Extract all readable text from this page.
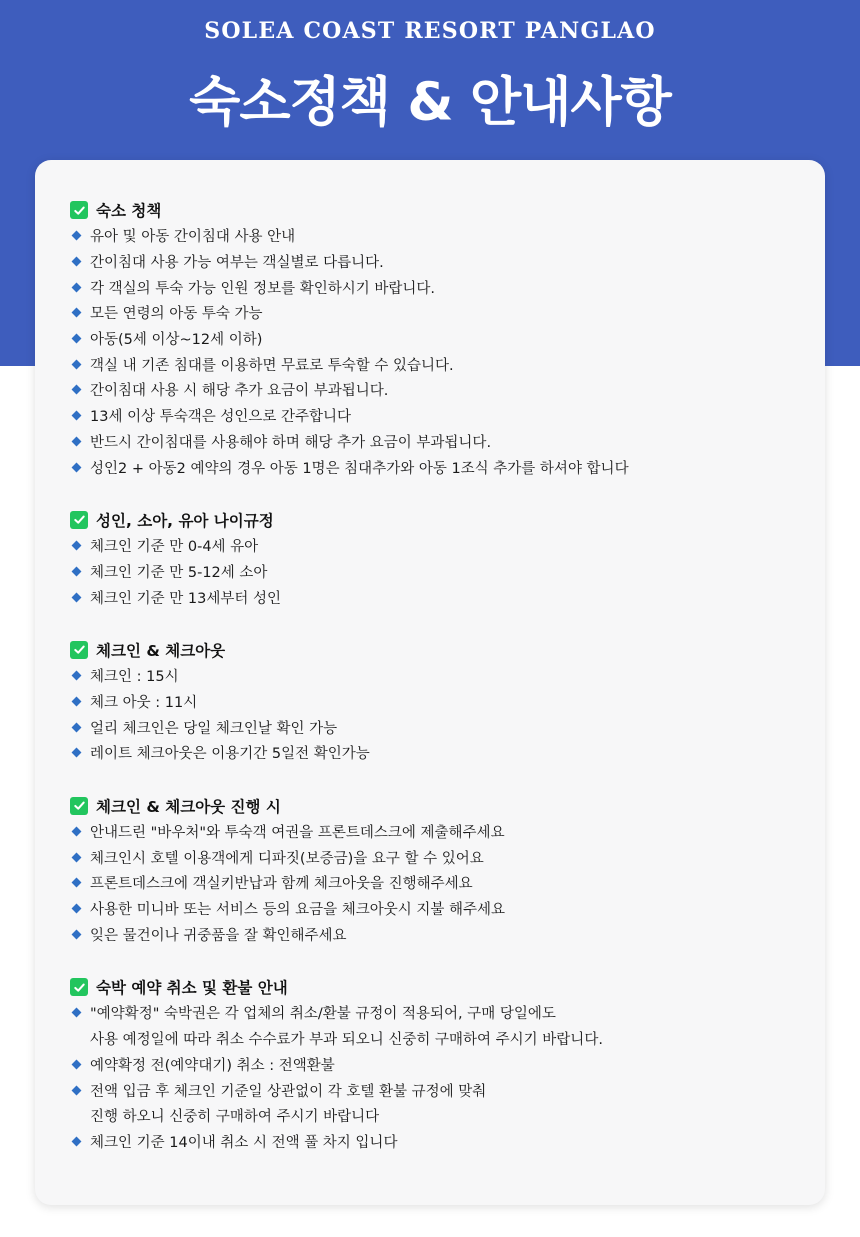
SOLEA COAST RESORT PANGLAO
숙소정책 & 안내사항
숙소 청책
유아 및 아동 간이침대 사용 안내
간이침대 사용 가능 여부는 객실별로 다릅니다.
각 객실의 투숙 가능 인원 정보를 확인하시기 바랍니다.
모든 연령의 아동 투숙 가능
아동(5세 이상~12세 이하)
객실 내 기존 침대를 이용하면 무료로 투숙할 수 있습니다.
간이침대 사용 시 해당 추가 요금이 부과됩니다.
13세 이상 투숙객은 성인으로 간주합니다
반드시 간이침대를 사용해야 하며 해당 추가 요금이 부과됩니다.
성인2 + 아동2 예약의 경우 아동 1명은 침대추가와 아동 1조식 추가를 하셔야 합니다
성인, 소아, 유아 나이규정
체크인 기준 만 0-4세 유아
체크인 기준 만 5-12세 소아
체크인 기준 만 13세부터 성인
체크인 & 체크아웃
체크인 : 15시
체크 아웃 : 11시
얼리 체크인은 당일 체크인날 확인 가능
레이트 체크아웃은 이용기간 5일전 확인가능
체크인 & 체크아웃 진행 시
안내드린 "바우처"와 투숙객 여권을 프론트데스크에 제출해주세요
체크인시 호텔 이용객에게 디파짓(보증금)을 요구 할 수 있어요
프론트데스크에 객실키반납과 함께 체크아웃을 진행해주세요
사용한 미니바 또는 서비스 등의 요금을 체크아웃시 지불 해주세요
잊은 물건이나 귀중품을 잘 확인해주세요
숙박 예약 취소 및 환불 안내
"예약확정" 숙박권은 각 업체의 취소/환불 규정이 적용되어, 구매 당일에도
사용 예정일에 따라 취소 수수료가 부과 되오니 신중히 구매하여 주시기 바랍니다.
예약확정 전(예약대기) 취소 : 전액환불
전액 입금 후 체크인 기준일 상관없이 각 호텔 환불 규정에 맞춰
진행 하오니 신중히 구매하여 주시기 바랍니다
체크인 기준 14이내 취소 시 전액 풀 차지 입니다
